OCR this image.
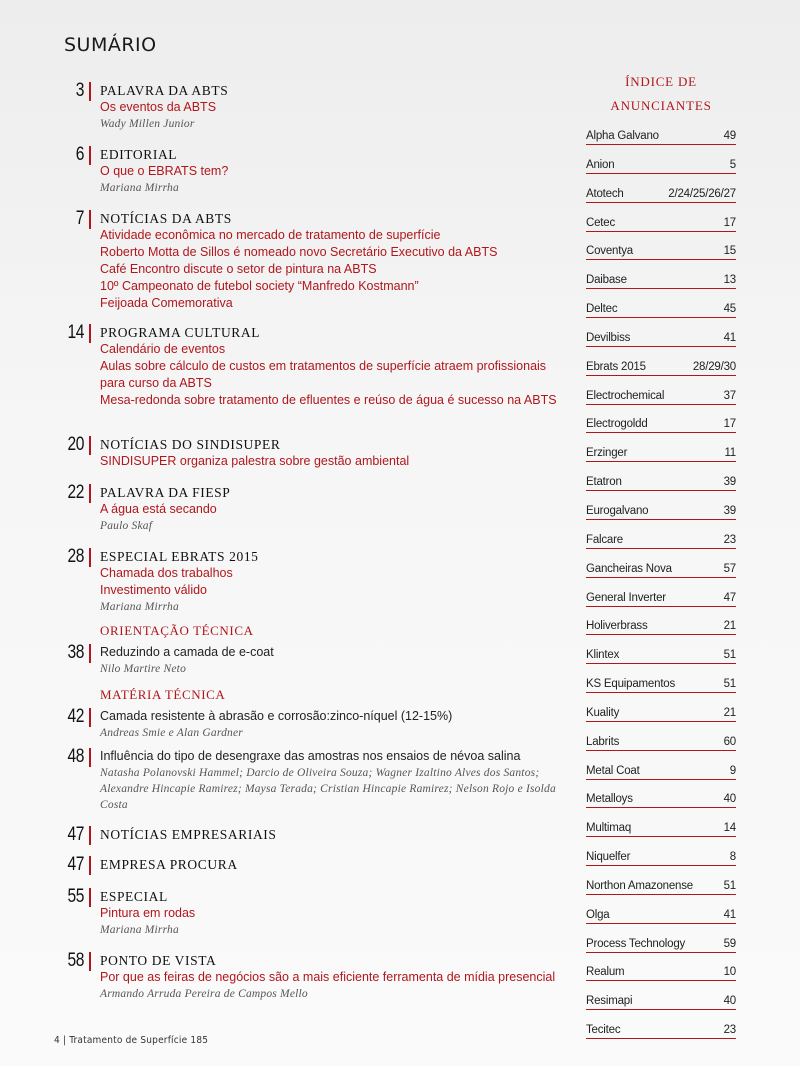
SUMÁRIO
3 PALAVRA DA ABTS
Os eventos da ABTS
Wady Millen Junior
6 EDITORIAL
O que o EBRATS tem?
Mariana Mirrha
7 NOTÍCIAS DA ABTS
Atividade econômica no mercado de tratamento de superfície
Roberto Motta de Sillos é nomeado novo Secretário Executivo da ABTS
Café Encontro discute o setor de pintura na ABTS
10º Campeonato de futebol society “Manfredo Kostmann”
Feijoada Comemorativa
14 PROGRAMA CULTURAL
Calendário de eventos
Aulas sobre cálculo de custos em tratamentos de superfície atraem profissionais para curso da ABTS
Mesa-redonda sobre tratamento de efluentes e reúso de água é sucesso na ABTS
20 NOTÍCIAS DO SINDISUPER
SINDISUPER organiza palestra sobre gestão ambiental
22 PALAVRA DA FIESP
A água está secando
Paulo Skaf
28 ESPECIAL EBRATS 2015
Chamada dos trabalhos
Investimento válido
Mariana Mirrha
ORIENTAÇÃO TÉCNICA
38 Reduzindo a camada de e-coat
Nilo Martire Neto
MATÉRIA TÉCNICA
42 Camada resistente à abrasão e corrosão:zinco-níquel (12-15%)
Andreas Smie e Alan Gardner
48 Influência do tipo de desengraxe das amostras nos ensaios de névoa salina
Natasha Polanovski Hammel; Darcio de Oliveira Souza; Wagner Izaltino Alves dos Santos; Alexandre Hincapie Ramirez; Maysa Terada; Cristian Hincapie Ramirez; Nelson Rojo e Isolda Costa
47 NOTÍCIAS EMPRESARIAIS
47 EMPRESA PROCURA
55 ESPECIAL
Pintura em rodas
Mariana Mirrha
58 PONTO DE VISTA
Por que as feiras de negócios são a mais eficiente ferramenta de mídia presencial
Armando Arruda Pereira de Campos Mello
ÍNDICE DE
ANUNCIANTES
Alpha Galvano	49
Anion	5
Atotech	2/24/25/26/27
Cetec	17
Coventya	15
Daibase	13
Deltec	45
Devilbiss	41
Ebrats 2015	28/29/30
Electrochemical	37
Electrogoldd	17
Erzinger	11
Etatron	39
Eurogalvano	39
Falcare	23
Gancheiras Nova	57
General Inverter	47
Holiverbrass	21
Klintex	51
KS Equipamentos	51
Kuality	21
Labrits	60
Metal Coat	9
Metalloys	40
Multimaq	14
Niquelfer	8
Northon Amazonense	51
Olga	41
Process Technology	59
Realum	10
Resimapi	40
Tecitec	23
4 | Tratamento de Superfície 185
